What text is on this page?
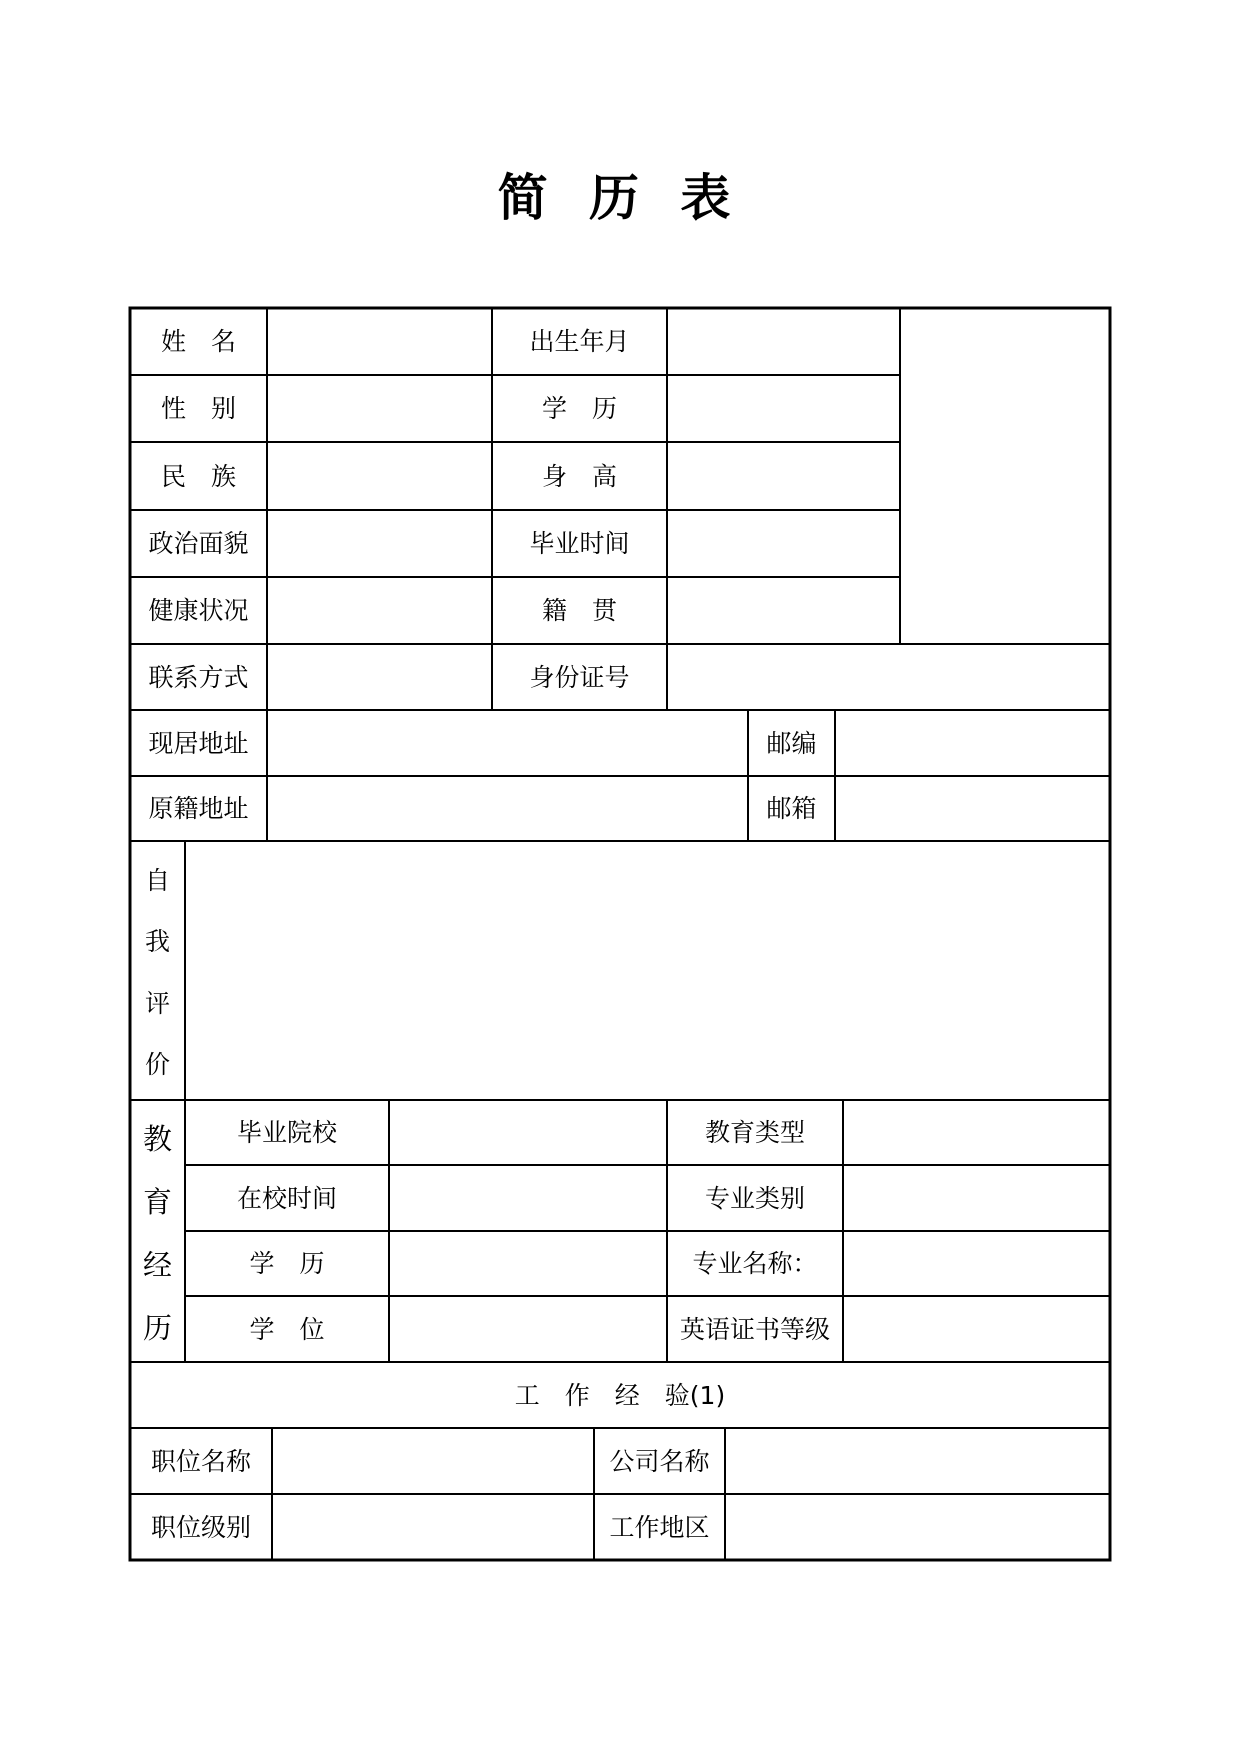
简 历 表
姓　名	出生年月
性　别	学　历
民　族	身　高
政治面貌	毕业时间
健康状况	籍　贯
联系方式	身份证号
现居地址	邮编
原籍地址	邮箱
自
我
评
价
教
育
经
历
毕业院校	教育类型
在校时间	专业类别
学　历	专业名称：
学　位	英语证书等级
工　作　经　验(1)
职位名称	公司名称
职位级别	工作地区
